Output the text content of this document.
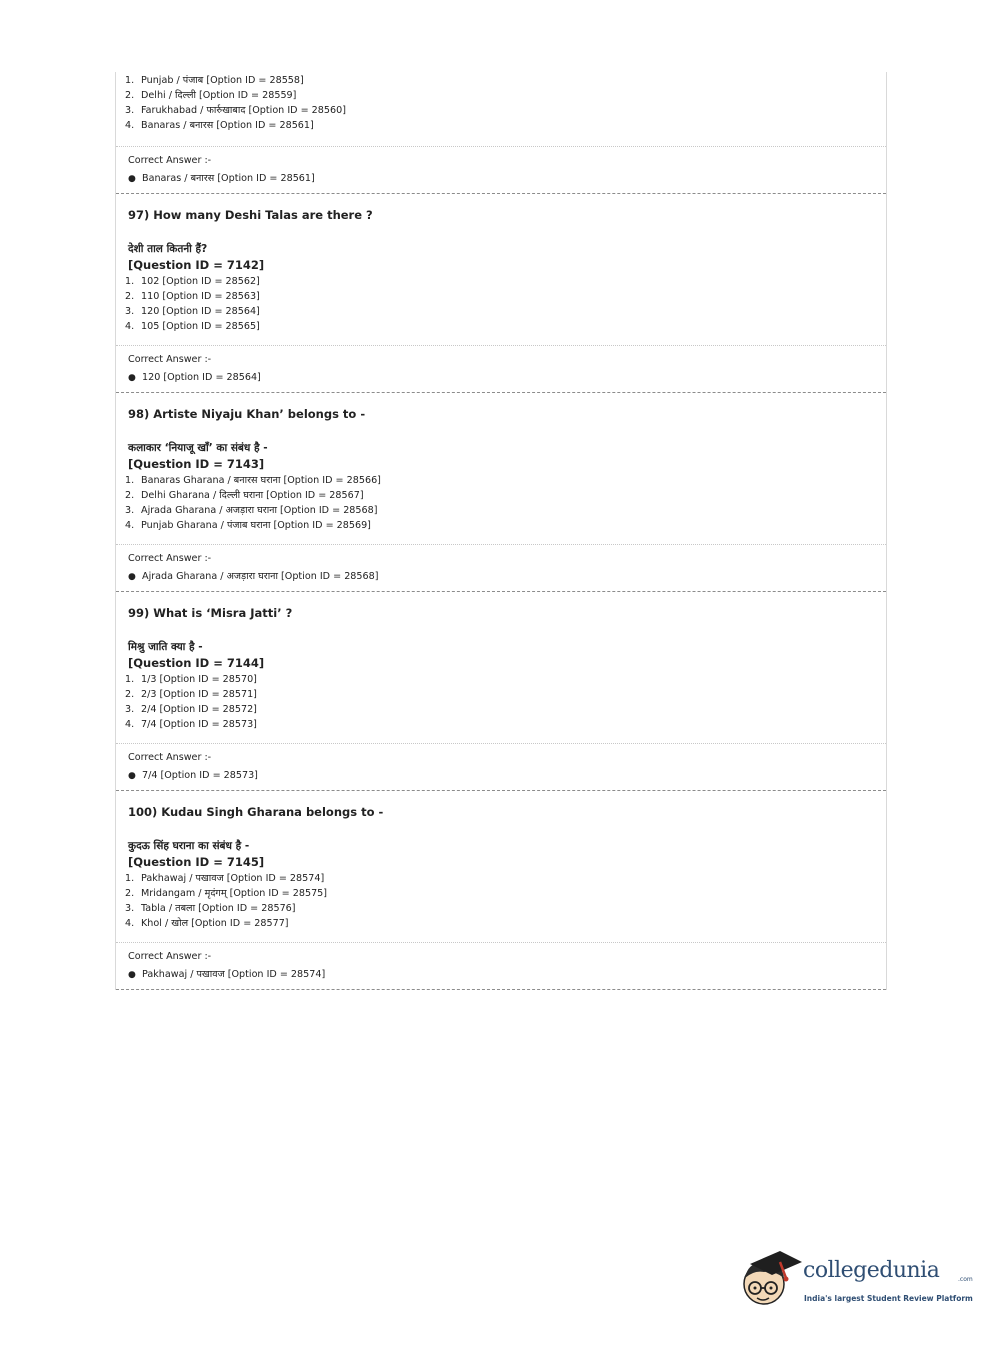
1. Punjab / पंजाब [Option ID = 28558]
2. Delhi / दिल्ली [Option ID = 28559]
3. Farukhabad / फार्रुखाबाद [Option ID = 28560]
4. Banaras / बनारस [Option ID = 28561]
Correct Answer :-
● Banaras / बनारस [Option ID = 28561]
97) How many Deshi Talas are there ?
देशी ताल कितनी हैं?
[Question ID = 7142]
1. 102 [Option ID = 28562]
2. 110 [Option ID = 28563]
3. 120 [Option ID = 28564]
4. 105 [Option ID = 28565]
Correct Answer :-
● 120 [Option ID = 28564]
98) Artiste Niyaju Khan’ belongs to -
कलाकार ‘नियाजू खाँ’ का संबंध है -
[Question ID = 7143]
1. Banaras Gharana / बनारस घराना [Option ID = 28566]
2. Delhi Gharana / दिल्ली घराना [Option ID = 28567]
3. Ajrada Gharana / अजड़ारा घराना [Option ID = 28568]
4. Punjab Gharana / पंजाब घराना [Option ID = 28569]
Correct Answer :-
● Ajrada Gharana / अजड़ारा घराना [Option ID = 28568]
99) What is ‘Misra Jatti’ ?
मिश्रु जाति क्या है -
[Question ID = 7144]
1. 1/3 [Option ID = 28570]
2. 2/3 [Option ID = 28571]
3. 2/4 [Option ID = 28572]
4. 7/4 [Option ID = 28573]
Correct Answer :-
● 7/4 [Option ID = 28573]
100) Kudau Singh Gharana belongs to -
कुदऊ सिंह घराना का संबंध है -
[Question ID = 7145]
1. Pakhawaj / पखावज [Option ID = 28574]
2. Mridangam / मृदंगम् [Option ID = 28575]
3. Tabla / तबला [Option ID = 28576]
4. Khol / खोल [Option ID = 28577]
Correct Answer :-
● Pakhawaj / पखावज [Option ID = 28574]
collegedunia	.com
India's largest Student Review Platform
